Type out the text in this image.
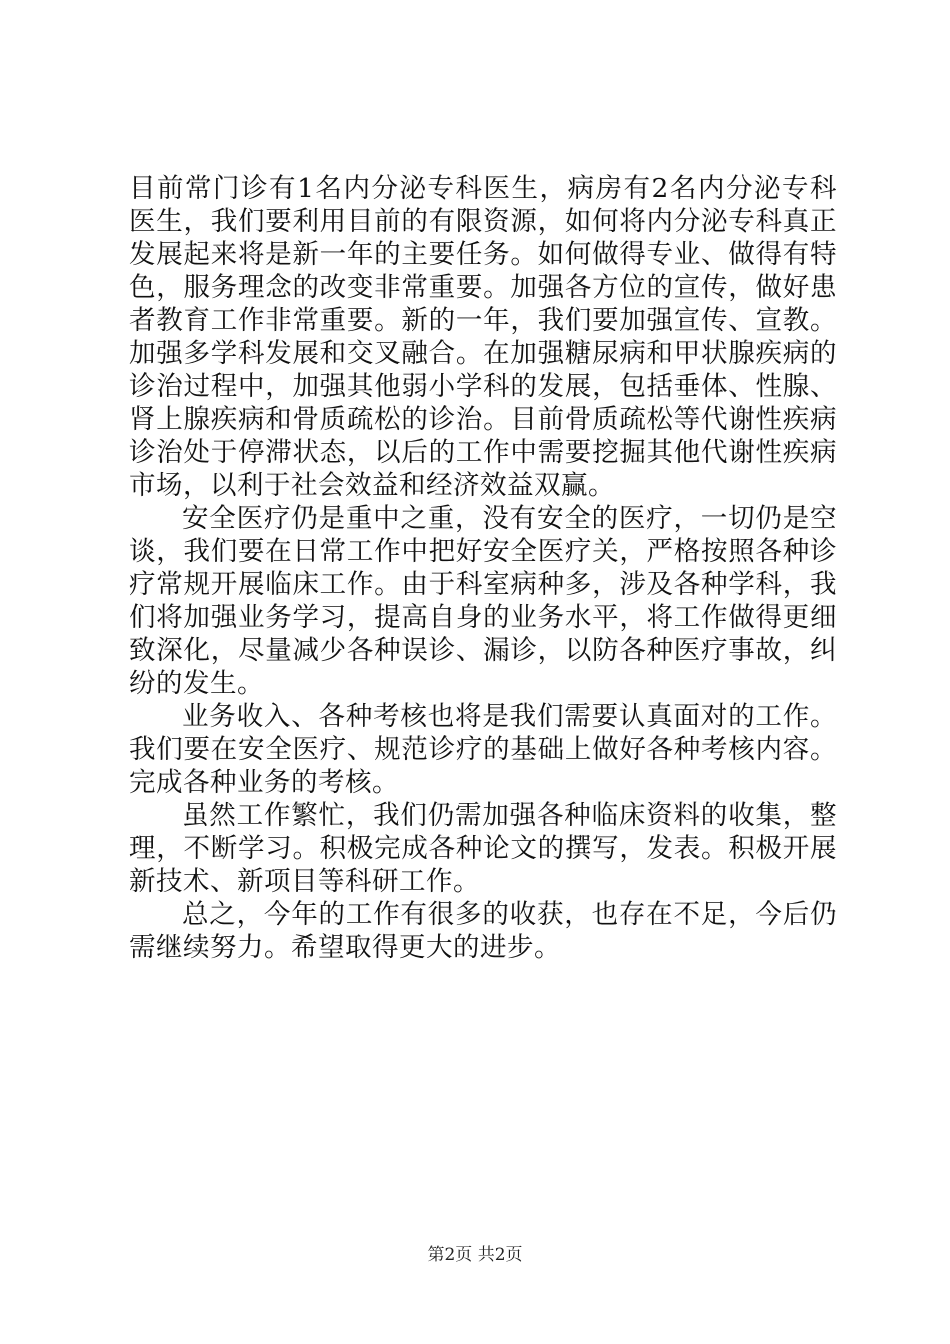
目前常门诊有1名内分泌专科医生，病房有2名内分泌专科医生，我们要利用目前的有限资源，如何将内分泌专科真正发展起来将是新一年的主要任务。如何做得专业、做得有特色，服务理念的改变非常重要。加强各方位的宣传，做好患者教育工作非常重要。新的一年，我们要加强宣传、宣教。加强多学科发展和交叉融合。在加强糖尿病和甲状腺疾病的诊治过程中，加强其他弱小学科的发展，包括垂体、性腺、肾上腺疾病和骨质疏松的诊治。目前骨质疏松等代谢性疾病诊治处于停滞状态，以后的工作中需要挖掘其他代谢性疾病市场，以利于社会效益和经济效益双赢。

安全医疗仍是重中之重，没有安全的医疗，一切仍是空谈，我们要在日常工作中把好安全医疗关，严格按照各种诊疗常规开展临床工作。由于科室病种多，涉及各种学科，我们将加强业务学习，提高自身的业务水平，将工作做得更细致深化，尽量减少各种误诊、漏诊，以防各种医疗事故，纠纷的发生。

业务收入、各种考核也将是我们需要认真面对的工作。我们要在安全医疗、规范诊疗的基础上做好各种考核内容。完成各种业务的考核。

虽然工作繁忙，我们仍需加强各种临床资料的收集，整理，不断学习。积极完成各种论文的撰写，发表。积极开展新技术、新项目等科研工作。

总之，今年的工作有很多的收获，也存在不足，今后仍需继续努力。希望取得更大的进步。

第2页 共2页
